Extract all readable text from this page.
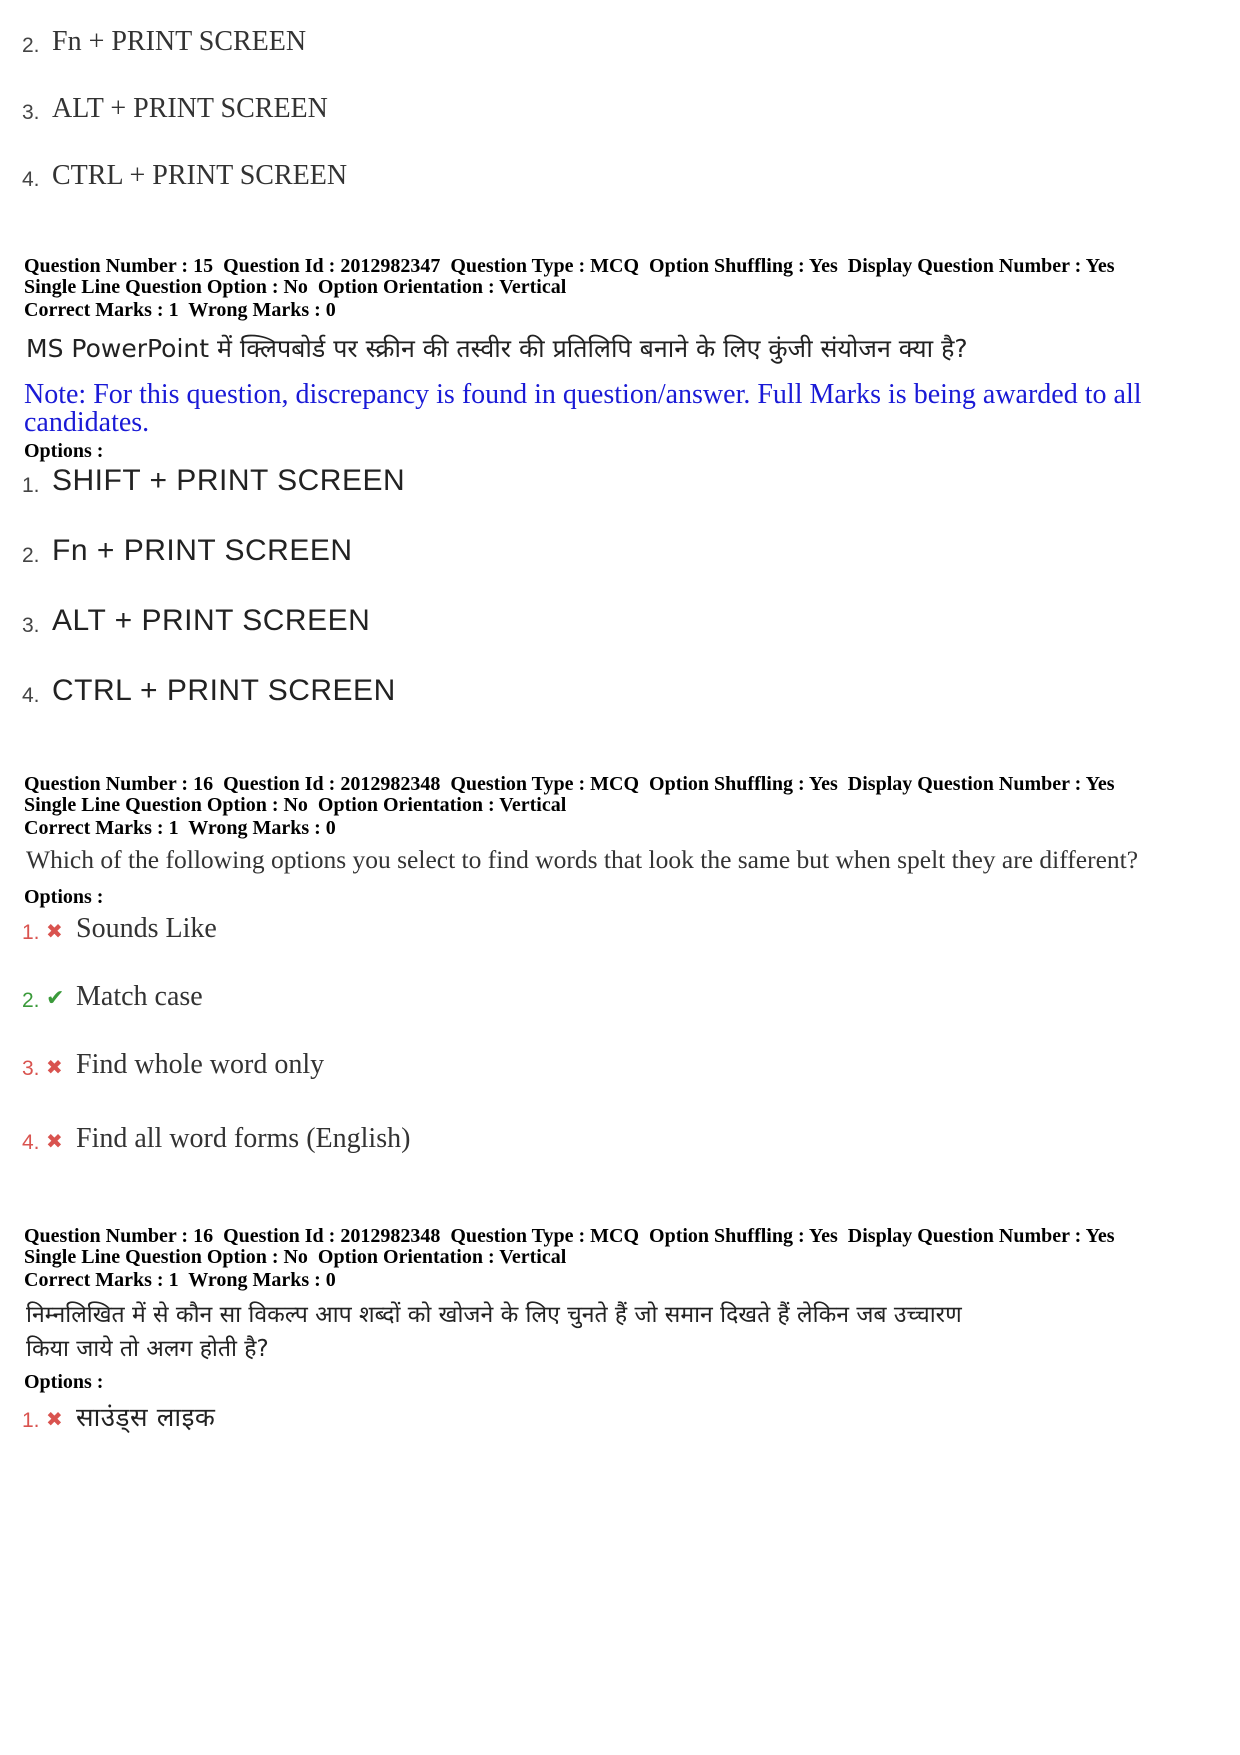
2. Fn + PRINT SCREEN
3. ALT + PRINT SCREEN
4. CTRL + PRINT SCREEN
Question Number : 15  Question Id : 2012982347  Question Type : MCQ  Option Shuffling : Yes  Display Question Number : Yes
Single Line Question Option : No  Option Orientation : Vertical
Correct Marks : 1  Wrong Marks : 0
MS PowerPoint में क्लिपबोर्ड पर स्क्रीन की तस्वीर की प्रतिलिपि बनाने के लिए कुंजी संयोजन क्या है?
Note: For this question, discrepancy is found in question/answer. Full Marks is being awarded to all candidates.
Options :
1. SHIFT + PRINT SCREEN
2. Fn + PRINT SCREEN
3. ALT + PRINT SCREEN
4. CTRL + PRINT SCREEN
Question Number : 16  Question Id : 2012982348  Question Type : MCQ  Option Shuffling : Yes  Display Question Number : Yes
Single Line Question Option : No  Option Orientation : Vertical
Correct Marks : 1  Wrong Marks : 0
Which of the following options you select to find words that look the same but when spelt they are different?
Options :
1. ✖ Sounds Like
2. ✔ Match case
3. ✖ Find whole word only
4. ✖ Find all word forms (English)
Question Number : 16  Question Id : 2012982348  Question Type : MCQ  Option Shuffling : Yes  Display Question Number : Yes
Single Line Question Option : No  Option Orientation : Vertical
Correct Marks : 1  Wrong Marks : 0
निम्नलिखित में से कौन सा विकल्प आप शब्दों को खोजने के लिए चुनते हैं जो समान दिखते हैं लेकिन जब उच्चारण
किया जाये तो अलग होती है?
Options :
1. ✖ साउंड्स लाइक
